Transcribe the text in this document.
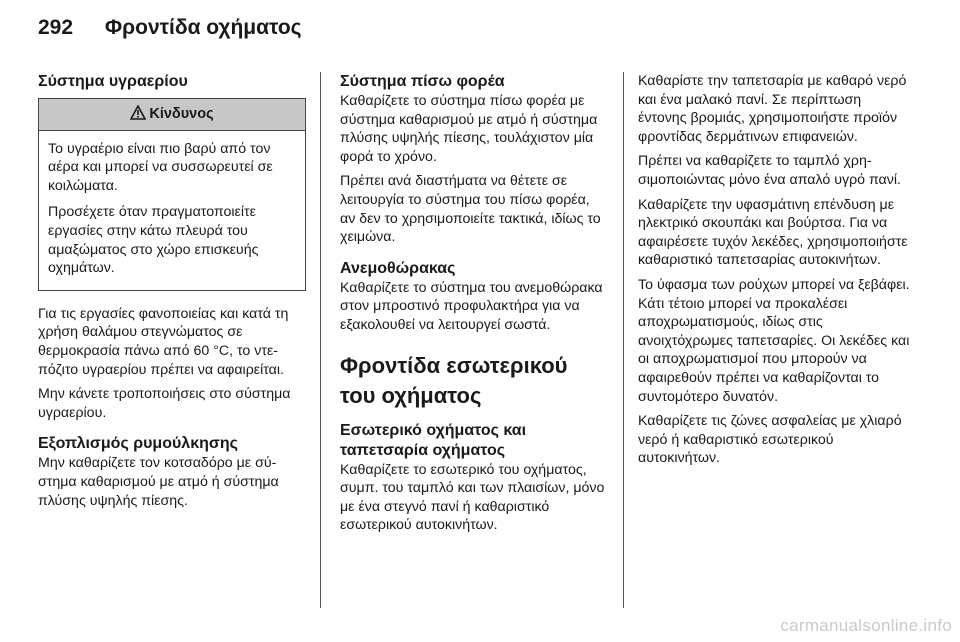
292 Φροντίδα οχήματος
Σύστημα υγραερίου
Κίνδυνος

Το υγραέριο είναι πιο βαρύ από τον αέρα και μπορεί να συσσωρευτεί σε κοιλώματα.

Προσέχετε όταν πραγματοποιείτε εργασίες στην κάτω πλευρά του αμαξώματος στο χώρο επισκευής οχημάτων.

Για τις εργασίες φανοποιείας και κατά τη χρήση θαλάμου στεγνώματος σε θερμοκρασία πάνω από 60 °C, το ντεπόζιτο υγραερίου πρέπει να αφαιρείται.

Μην κάνετε τροποποιήσεις στο σύστημα υγραερίου.

Εξοπλισμός ρυμούλκησης

Μην καθαρίζετε τον κοτσαδόρο με σύστημα καθαρισμού με ατμό ή σύστημα πλύσης υψηλής πίεσης.

Σύστημα πίσω φορέα

Καθαρίζετε το σύστημα πίσω φορέα με σύστημα καθαρισμού με ατμό ή σύστημα πλύσης υψηλής πίεσης, τουλάχιστον μία φορά το χρόνο.

Πρέπει ανά διαστήματα να θέτετε σε λειτουργία το σύστημα του πίσω φορέα, αν δεν το χρησιμοποιείτε τακτικά, ιδίως το χειμώνα.

Ανεμοθώρακας

Καθαρίζετε το σύστημα του ανεμοθώρακα στον μπροστινό προφυλακτήρα για να εξακολουθεί να λειτουργεί σωστά.

Φροντίδα εσωτερικού του οχήματος
Εσωτερικό οχήματος και ταπετσαρία οχήματος

Καθαρίζετε το εσωτερικό του οχήματος, συμπ. του ταμπλό και των πλαισίων, μόνο με ένα στεγνό πανί ή καθαριστικό εσωτερικού αυτοκινήτων.

Καθαρίστε την ταπετσαρία με καθαρό νερό και ένα μαλακό πανί. Σε περίπτωση έντονης βρομιάς, χρησιμοποιήστε προϊόν φροντίδας δερμάτινων επιφανειών.

Πρέπει να καθαρίζετε το ταμπλό χρησιμοποιώντας μόνο ένα απαλό υγρό πανί.

Καθαρίζετε την υφασμάτινη επένδυση με ηλεκτρικό σκουπάκι και βούρτσα. Για να αφαιρέσετε τυχόν λεκέδες, χρησιμοποιήστε καθαριστικό ταπετσαρίας αυτοκινήτων.

Το ύφασμα των ρούχων μπορεί να ξεβάφει. Κάτι τέτοιο μπορεί να προκαλέσει αποχρωματισμούς, ιδίως στις ανοιχτόχρωμες ταπετσαρίες. Οι λεκέδες και οι αποχρωματισμοί που μπορούν να αφαιρεθούν πρέπει να καθαρίζονται το συντομότερο δυνατόν.

Καθαρίζετε τις ζώνες ασφαλείας με χλιαρό νερό ή καθαριστικό εσωτερικού αυτοκινήτων.

carmanualsonline.info
